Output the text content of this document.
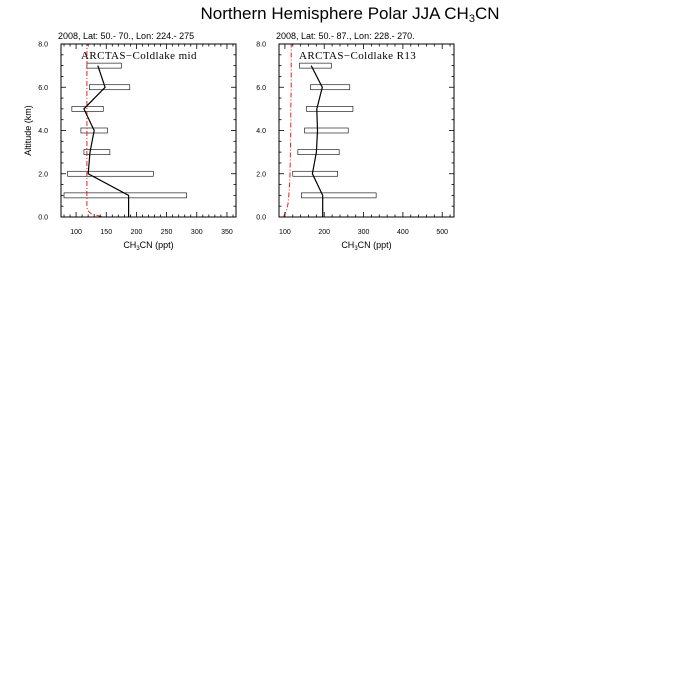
Northern Hemisphere Polar JJA CH3CN
2008, Lat: 50.- 70., Lon: 224.- 275
100	150	200	250	300	350
0.0
2.0
4.0
6.0
8.0
$CH_3CN$ (ppt)
Altitude (km)
ARCTAS−Coldlake mid
2008, Lat: 50.- 87., Lon: 228.- 270.
100	200	300	400	500
0.0
2.0
4.0
6.0
8.0
$CH_3CN$ (ppt)
ARCTAS−Coldlake R13
